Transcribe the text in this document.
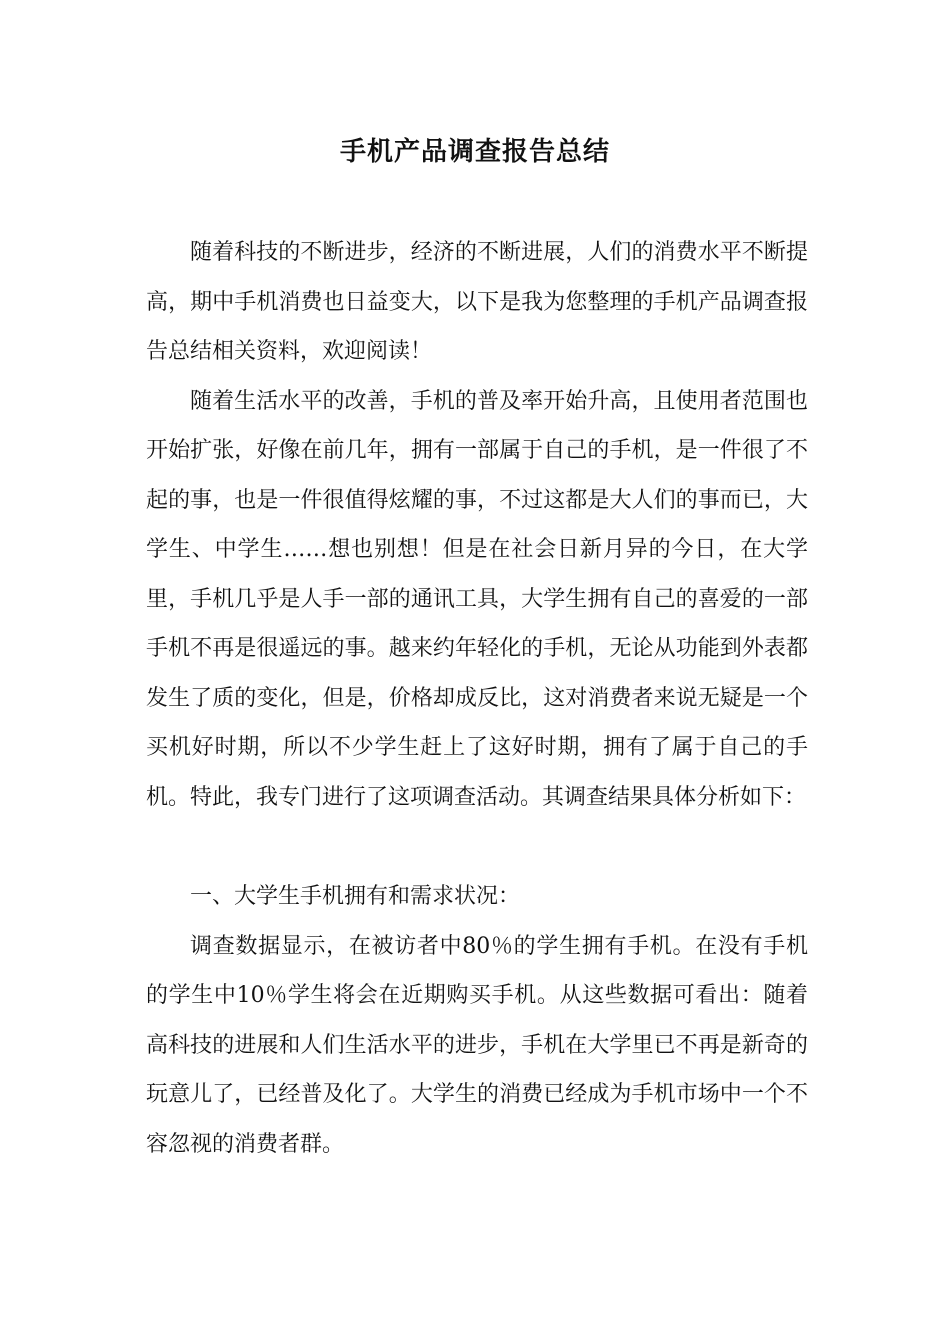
手机产品调查报告总结

随着科技的不断进步，经济的不断进展，人们的消费水平不断提高，期中手机消费也日益变大，以下是我为您整理的手机产品调查报告总结相关资料，欢迎阅读！

随着生活水平的改善，手机的普及率开始升高，且使用者范围也开始扩张，好像在前几年，拥有一部属于自己的手机，是一件很了不起的事，也是一件很值得炫耀的事，不过这都是大人们的事而已，大学生、中学生……想也别想！但是在社会日新月异的今日，在大学里，手机几乎是人手一部的通讯工具，大学生拥有自己的喜爱的一部手机不再是很遥远的事。越来约年轻化的手机，无论从功能到外表都发生了质的变化，但是，价格却成反比，这对消费者来说无疑是一个买机好时期，所以不少学生赶上了这好时期，拥有了属于自己的手机。特此，我专门进行了这项调查活动。其调查结果具体分析如下：

一、大学生手机拥有和需求状况：

调查数据显示，在被访者中80％的学生拥有手机。在没有手机的学生中10％学生将会在近期购买手机。从这些数据可看出：随着高科技的进展和人们生活水平的进步，手机在大学里已不再是新奇的玩意儿了，已经普及化了。大学生的消费已经成为手机市场中一个不容忽视的消费者群。
